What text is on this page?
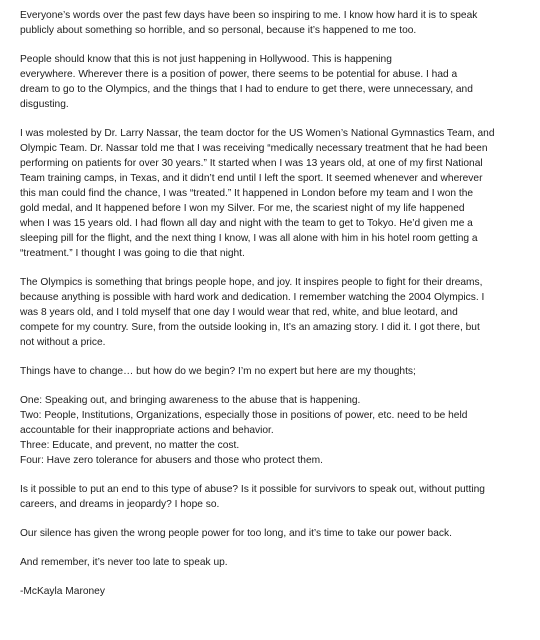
Everyone’s words over the past few days have been so inspiring to me. I know how hard it is to speak
publicly about something so horrible, and so personal, because it’s happened to me too.

People should know that this is not just happening in Hollywood. This is happening
everywhere. Wherever there is a position of power, there seems to be potential for abuse. I had a
dream to go to the Olympics, and the things that I had to endure to get there, were unnecessary, and
disgusting.

I was molested by Dr. Larry Nassar, the team doctor for the US Women’s National Gymnastics Team, and
Olympic Team. Dr. Nassar told me that I was receiving “medically necessary treatment that he had been
performing on patients for over 30 years.” It started when I was 13 years old, at one of my first National
Team training camps, in Texas, and it didn’t end until I left the sport. It seemed whenever and wherever
this man could find the chance, I was “treated.” It happened in London before my team and I won the
gold medal, and It happened before I won my Silver. For me, the scariest night of my life happened
when I was 15 years old. I had flown all day and night with the team to get to Tokyo. He’d given me a
sleeping pill for the flight, and the next thing I know, I was all alone with him in his hotel room getting a
“treatment.” I thought I was going to die that night.

The Olympics is something that brings people hope, and joy. It inspires people to fight for their dreams,
because anything is possible with hard work and dedication. I remember watching the 2004 Olympics. I
was 8 years old, and I told myself that one day I would wear that red, white, and blue leotard, and
compete for my country. Sure, from the outside looking in, It’s an amazing story. I did it. I got there, but
not without a price.

Things have to change… but how do we begin? I’m no expert but here are my thoughts;

One: Speaking out, and bringing awareness to the abuse that is happening.
Two: People, Institutions, Organizations, especially those in positions of power, etc. need to be held
accountable for their inappropriate actions and behavior.
Three: Educate, and prevent, no matter the cost.
Four: Have zero tolerance for abusers and those who protect them.

Is it possible to put an end to this type of abuse? Is it possible for survivors to speak out, without putting
careers, and dreams in jeopardy? I hope so.

Our silence has given the wrong people power for too long, and it’s time to take our power back.

And remember, it’s never too late to speak up.

-McKayla Maroney
